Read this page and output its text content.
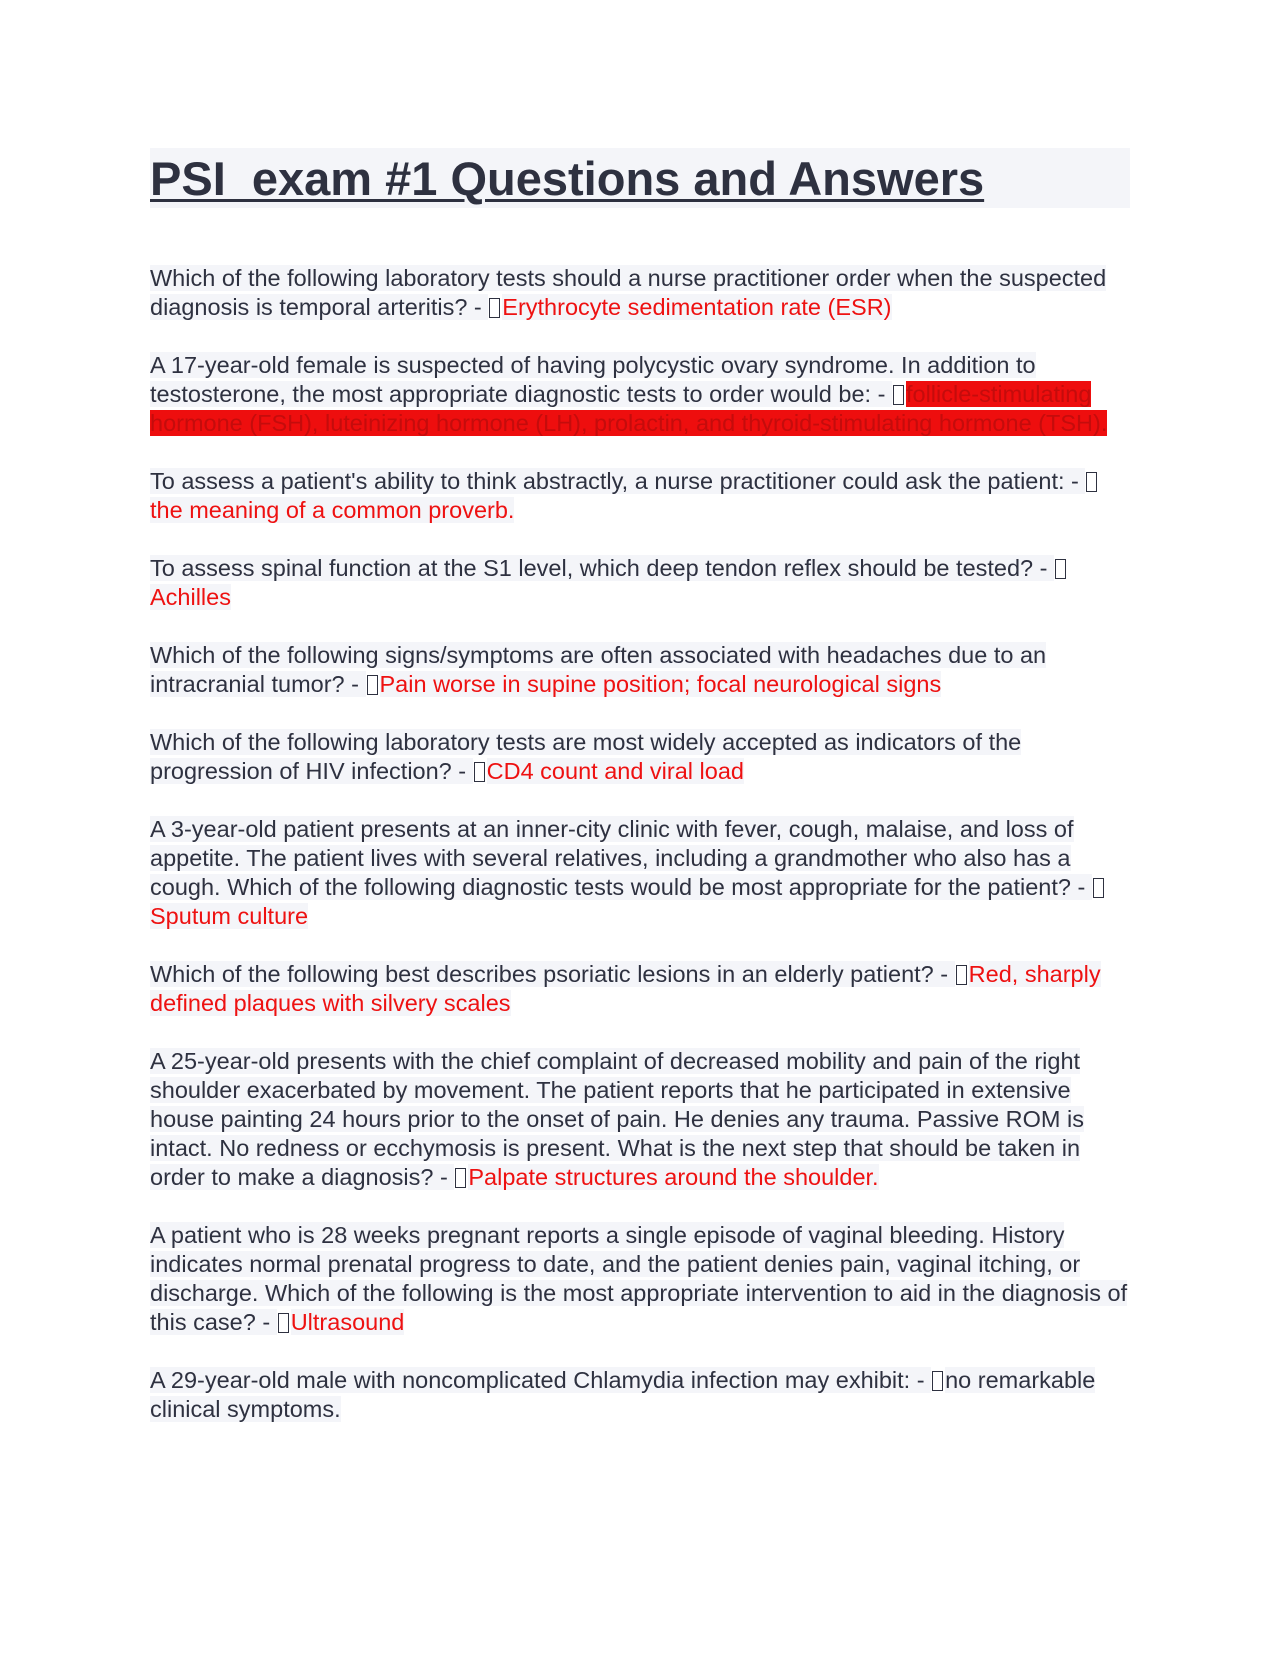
PSI  exam #1 Questions and Answers

Which of the following laboratory tests should a nurse practitioner order when the suspected diagnosis is temporal arteritis? - Erythrocyte sedimentation rate (ESR)

A 17-year-old female is suspected of having polycystic ovary syndrome. In addition to testosterone, the most appropriate diagnostic tests to order would be: - follicle-stimulating hormone (FSH), luteinizing hormone (LH), prolactin, and thyroid-stimulating hormone (TSH).

To assess a patient's ability to think abstractly, a nurse practitioner could ask the patient: - the meaning of a common proverb.

To assess spinal function at the S1 level, which deep tendon reflex should be tested? - Achilles

Which of the following signs/symptoms are often associated with headaches due to an intracranial tumor? - Pain worse in supine position; focal neurological signs

Which of the following laboratory tests are most widely accepted as indicators of the progression of HIV infection? - CD4 count and viral load

A 3-year-old patient presents at an inner-city clinic with fever, cough, malaise, and loss of appetite. The patient lives with several relatives, including a grandmother who also has a cough. Which of the following diagnostic tests would be most appropriate for the patient? - Sputum culture

Which of the following best describes psoriatic lesions in an elderly patient? - Red, sharply defined plaques with silvery scales

A 25-year-old presents with the chief complaint of decreased mobility and pain of the right shoulder exacerbated by movement. The patient reports that he participated in extensive house painting 24 hours prior to the onset of pain. He denies any trauma. Passive ROM is intact. No redness or ecchymosis is present. What is the next step that should be taken in order to make a diagnosis? - Palpate structures around the shoulder.

A patient who is 28 weeks pregnant reports a single episode of vaginal bleeding. History indicates normal prenatal progress to date, and the patient denies pain, vaginal itching, or discharge. Which of the following is the most appropriate intervention to aid in the diagnosis of this case? - Ultrasound

A 29-year-old male with noncomplicated Chlamydia infection may exhibit: - no remarkable clinical symptoms.
